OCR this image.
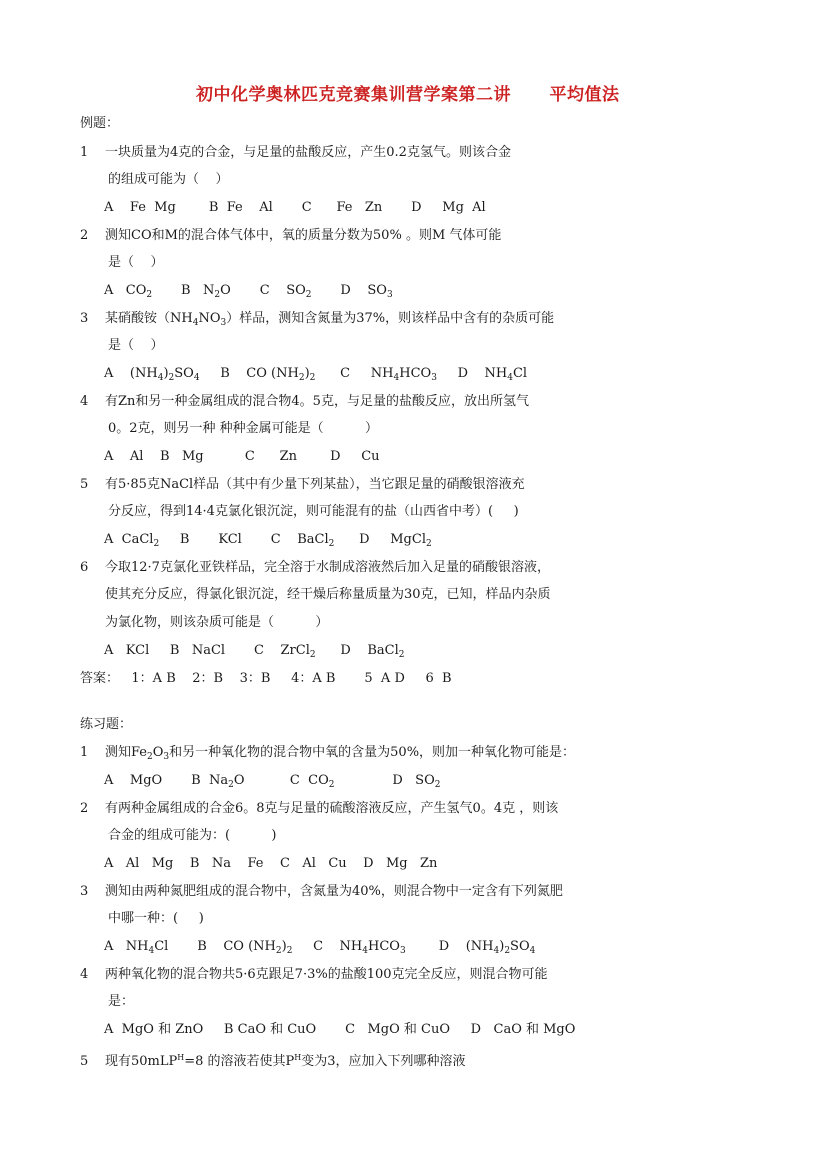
初中化学奥林匹克竞赛集训营学案第二讲      平均值法
例题：
1 一块质量为4克的合金，与足量的盐酸反应，产生0.2克氢气。则该合金
的组成可能为（    ）
A    Fe  Mg        B  Fe    Al       C      Fe   Zn       D     Mg  Al
2 测知CO和M的混合体气体中，氧的质量分数为50% 。则M 气体可能
是（    ）
A   $CO_2$       B   $N_2O$       C    $SO_2$       D    $SO_3$
3 某硝酸铵$(NH_4NO_3)$样品，测知含氮量为37%，则该样品中含有的杂质可能
是（    ）
A    $(NH_4)_2SO_4$     B    CO $(NH_2)_2$      C     $NH_4HCO_3$     D    $NH_4Cl$
4 有Zn和另一种金属组成的混合物4。5克，与足量的盐酸反应，放出所氢气
0。2克，则另一种 种种金属可能是（          ）
A    Al    B   Mg          C      Zn        D     Cu
5 有5·85克NaCl样品（其中有少量下列某盐），当它跟足量的硝酸银溶液充
分反应，得到14·4克氯化银沉淀，则可能混有的盐（山西省中考）(     )
A  CaCl$_2$     B       KCl       C    BaCl$_2$      D     MgCl$_2$
6 今取12·7克氯化亚铁样品，完全溶于水制成溶液然后加入足量的硝酸银溶液，
使其充分反应，得氯化银沉淀，经干燥后称量质量为30克，已知，样品内杂质
为氯化物，则该杂质可能是（          ）
A   KCl     B   NaCl       C    ZrCl$_2$      D    BaCl$_2$
答案：   1：A B    2：B    3：B     4：A B       5  A D     6  B
练习题：
1 测知$Fe_2O_3$和另一种氧化物的混合物中氧的含量为50%，则加一种氧化物可能是：
A    MgO       B  $Na_2O$           C  $CO_2$              D   $SO_2$
2 有两种金属组成的合金6。8克与足量的硫酸溶液反应，产生氢气0。4克 ，则该
合金的组成可能为：(          )
A   Al   Mg    B   Na    Fe    C   Al   Cu    D   Mg   Zn
3 测知由两种氮肥组成的混合物中，含氮量为40%，则混合物中一定含有下列氮肥
中哪一种：(     )
A   $NH_4Cl$       B    CO $(NH_2)_2$     C    $NH_4HCO_3$        D    $(NH_4)_2SO_4$
4 两种氧化物的混合物共5·6克跟足7·3%的盐酸100克完全反应，则混合物可能
是：
A  MgO 和 ZnO     B CaO 和 CuO       C   MgO 和 CuO     D   CaO 和 MgO
5 现有50mLP$^H$=8 的溶液若使其$P^H$变为3，应加入下列哪种溶液
